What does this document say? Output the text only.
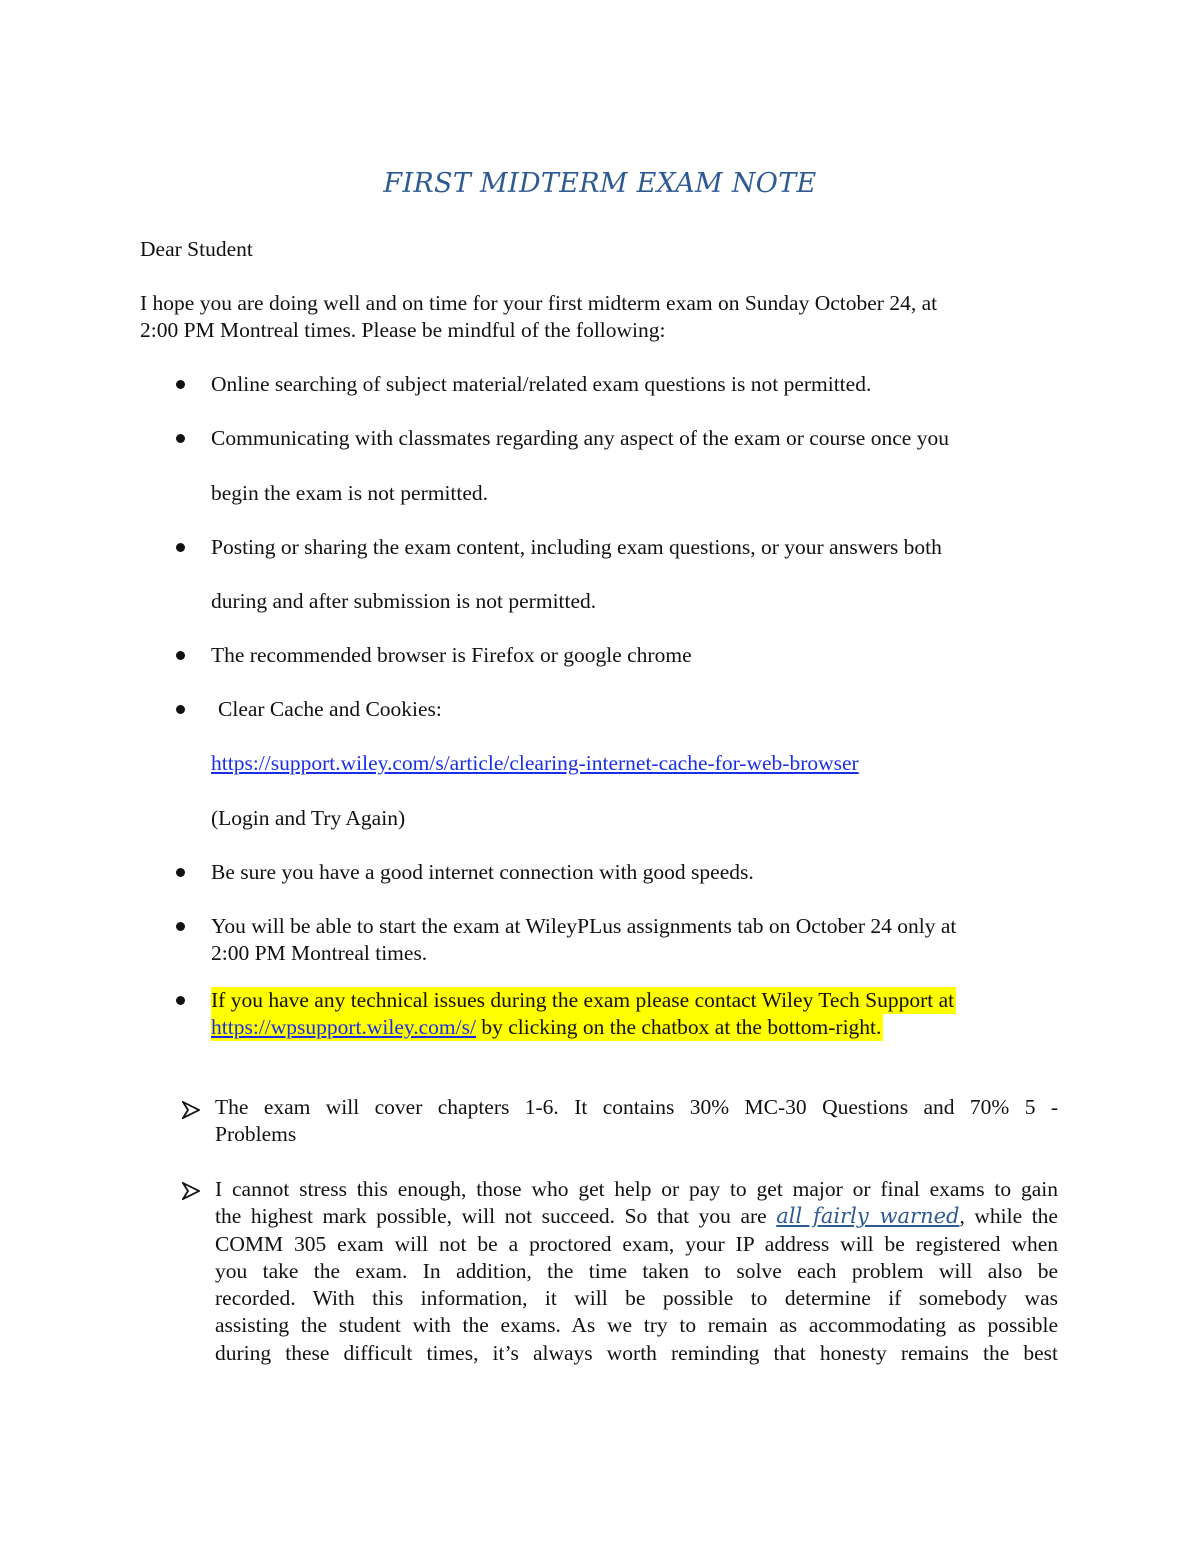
FIRST MIDTERM EXAM NOTE
Dear Student
I hope you are doing well and on time for your first midterm exam on Sunday October 24, at
2:00 PM Montreal times. Please be mindful of the following:
Online searching of subject material/related exam questions is not permitted.
Communicating with classmates regarding any aspect of the exam or course once you
begin the exam is not permitted.
Posting or sharing the exam content, including exam questions, or your answers both
during and after submission is not permitted.
The recommended browser is Firefox or google chrome
Clear Cache and Cookies:
https://support.wiley.com/s/article/clearing-internet-cache-for-web-browser
(Login and Try Again)
Be sure you have a good internet connection with good speeds.
You will be able to start the exam at WileyPLus assignments tab on October 24 only at
2:00 PM Montreal times.
If you have any technical issues during the exam please contact Wiley Tech Support at
https://wpsupport.wiley.com/s/ by clicking on the chatbox at the bottom-right.
The exam will cover chapters 1-6. It contains 30% MC-30 Questions and 70% 5 -
Problems
I cannot stress this enough, those who get help or pay to get major or final exams to gain
the highest mark possible, will not succeed. So that you are all fairly warned, while the
COMM 305 exam will not be a proctored exam, your IP address will be registered when
you take the exam. In addition, the time taken to solve each problem will also be
recorded. With this information, it will be possible to determine if somebody was
assisting the student with the exams. As we try to remain as accommodating as possible
during these difficult times, it’s always worth reminding that honesty remains the best
